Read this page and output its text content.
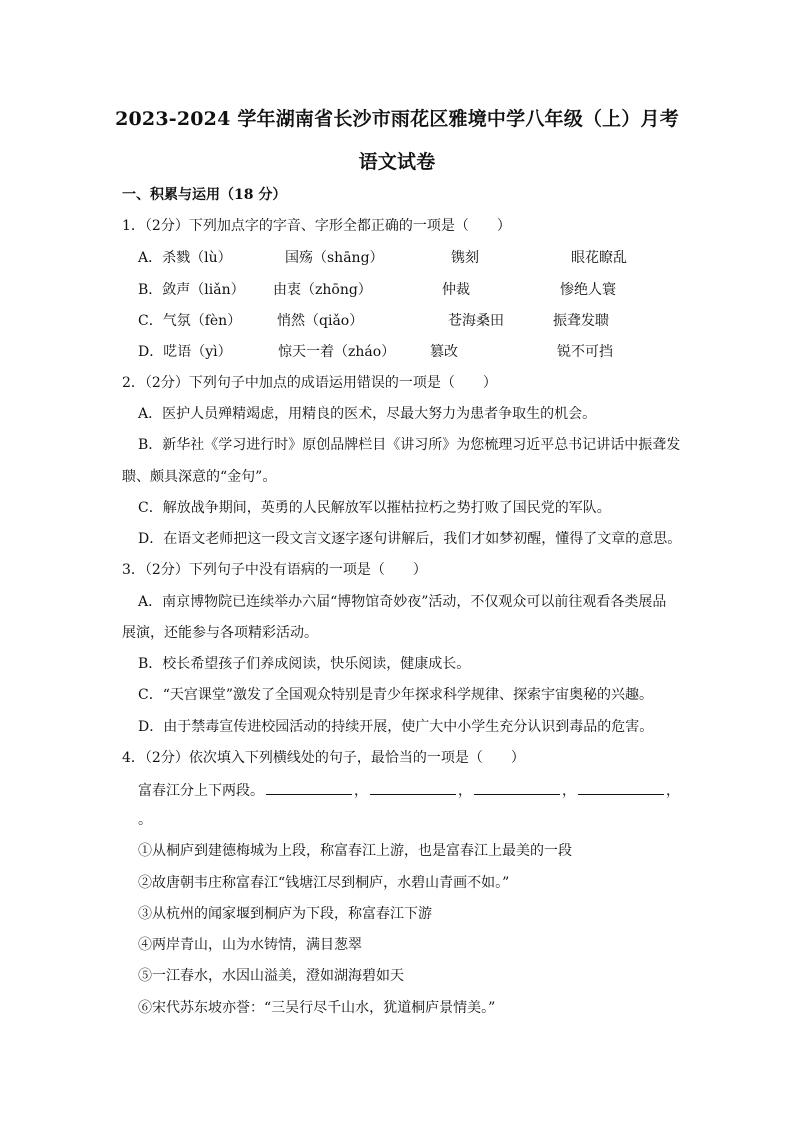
2023-2024 学年湖南省长沙市雨花区雅境中学八年级（上）月考
语文试卷
一、积累与运用（18 分）
1．（2分）下列加点字的字音、字形全都正确的一项是（　　）
A．杀戮（lù）	国殇（shāng）	镌刻	眼花瞭乱
B．敛声（liǎn） 由衷（zhōng）	仲裁	惨绝人寰
C．气氛（fèn）	悄然（qiǎo）	苍海桑田	振聋发聩
D．呓语（yì）	惊天一着（zháo） 篡改	锐不可挡
2．（2分）下列句子中加点的成语运用错误的一项是（　　）
A．医护人员殚精竭虑，用精良的医术，尽最大努力为患者争取生的机会。
B．新华社《学习进行时》原创品牌栏目《讲习所》为您梳理习近平总书记讲话中振聋发
聩、颇具深意的“金句”。
C．解放战争期间，英勇的人民解放军以摧枯拉朽之势打败了国民党的军队。
D．在语文老师把这一段文言文逐字逐句讲解后，我们才如梦初醒，懂得了文章的意思。
3．（2分）下列句子中没有语病的一项是（　　）
A．南京博物院已连续举办六届“博物馆奇妙夜”活动，不仅观众可以前往观看各类展品
展演，还能参与各项精彩活动。
B．校长希望孩子们养成阅读，快乐阅读，健康成长。
C．“天宫课堂”激发了全国观众特别是青少年探求科学规律、探索宇宙奥秘的兴趣。
D．由于禁毒宣传进校园活动的持续开展，使广大中小学生充分认识到毒品的危害。
4．（2分）依次填入下列横线处的句子，最恰当的一项是（　　）
富春江分上下两段。	，	，	，	，
。
①从桐庐到建德梅城为上段，称富春江上游，也是富春江上最美的一段
②故唐朝韦庄称富春江“钱塘江尽到桐庐，水碧山青画不如。”
③从杭州的闻家堰到桐庐为下段，称富春江下游
④两岸青山，山为水铸情，满目葱翠
⑤一江春水，水因山溢美，澄如湖海碧如天
⑥宋代苏东坡亦誉：“三吴行尽千山水，犹道桐庐景情美。”
